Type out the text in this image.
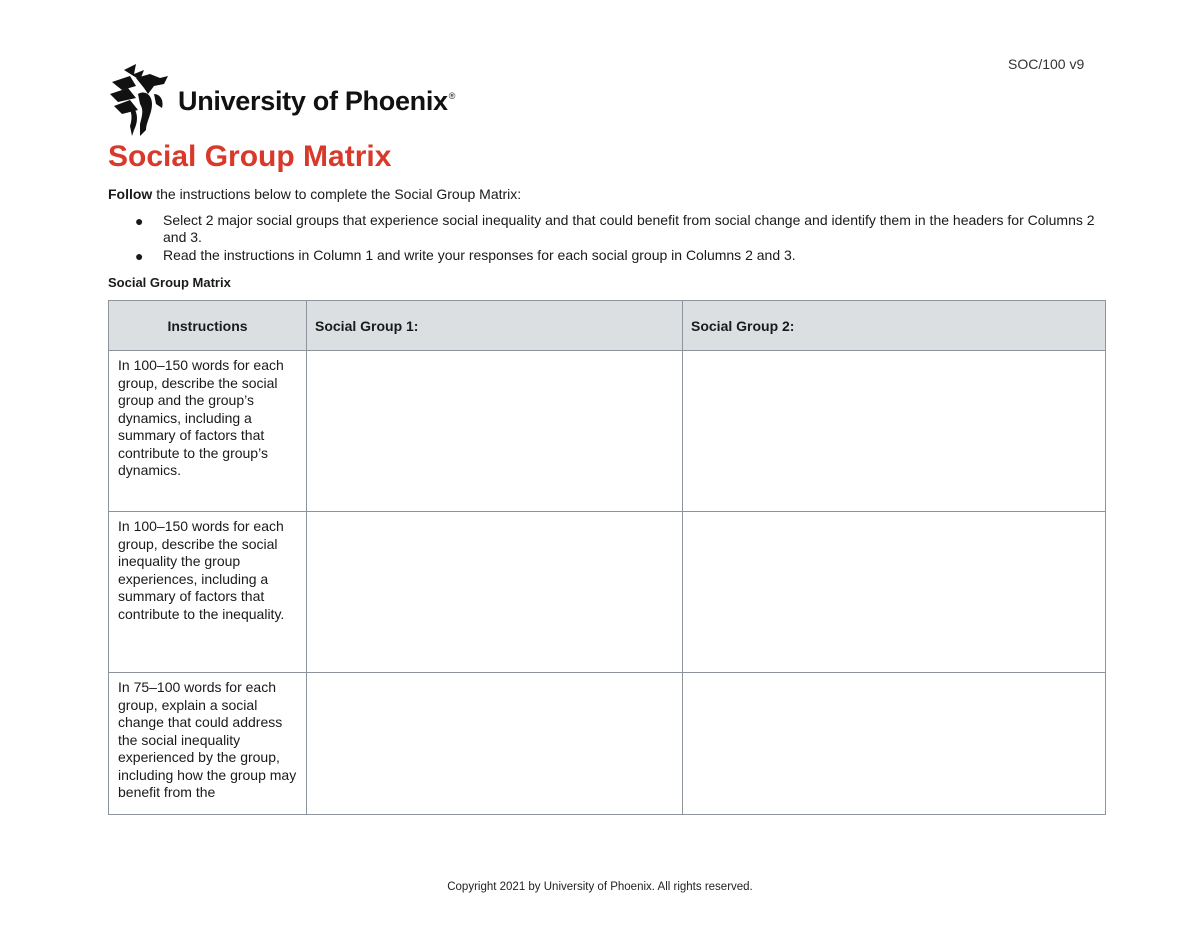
SOC/100 v9
University of Phoenix®
Social Group Matrix

Follow the instructions below to complete the Social Group Matrix:

● Select 2 major social groups that experience social inequality and that could benefit from social change and identify them in the headers for Columns 2 and 3.
● Read the instructions in Column 1 and write your responses for each social group in Columns 2 and 3.

Social Group Matrix

Instructions	Social Group 1:	Social Group 2:
In 100–150 words for each group, describe the social group and the group’s dynamics, including a summary of factors that contribute to the group’s dynamics.		
In 100–150 words for each group, describe the social inequality the group experiences, including a summary of factors that contribute to the inequality.		
In 75–100 words for each group, explain a social change that could address the social inequality experienced by the group, including how the group may benefit from the		
Copyright 2021 by University of Phoenix. All rights reserved.
